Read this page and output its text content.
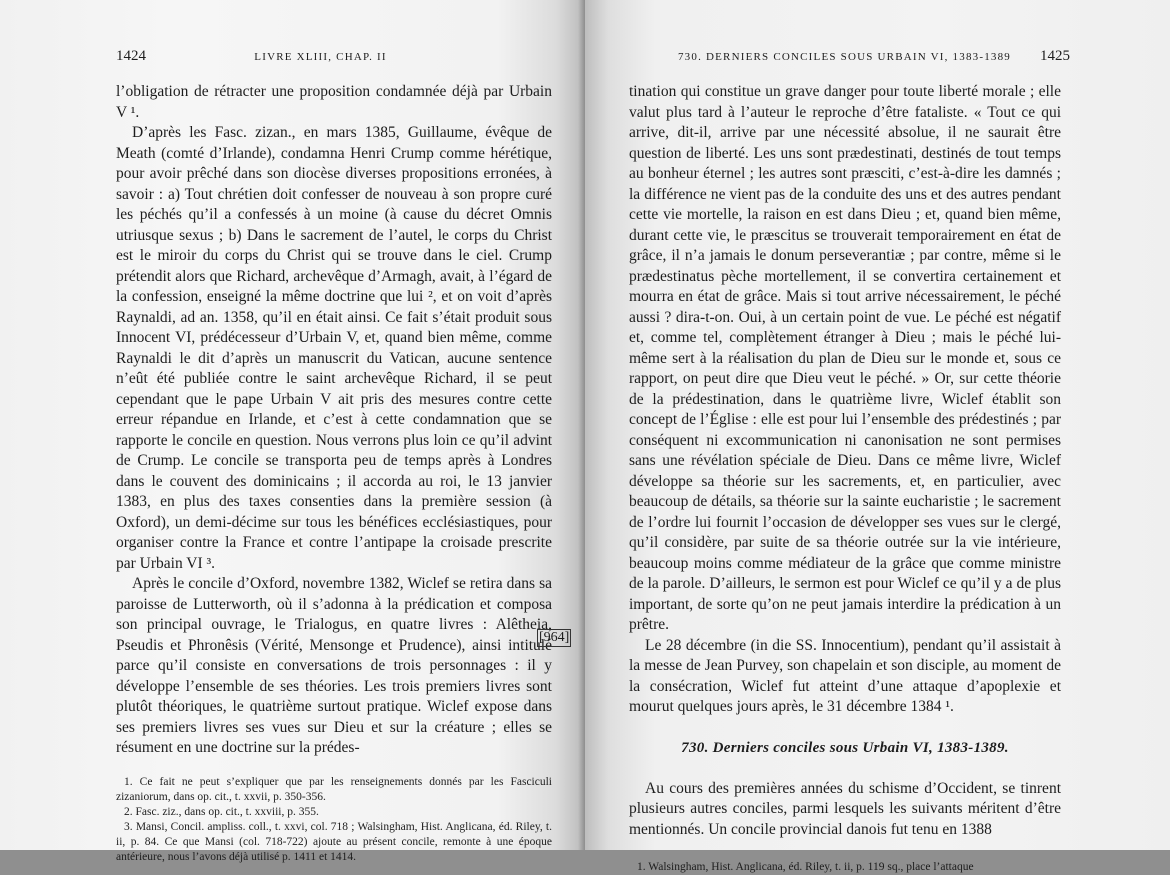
1424	LIVRE XLIII, CHAP. II

l’obligation de rétracter une proposition condamnée déjà par Urbain V ¹.

D’après les Fasc. zizan., en mars 1385, Guillaume, évêque de Meath (comté d’Irlande), condamna Henri Crump comme hérétique, pour avoir prêché dans son diocèse diverses propositions erronées, à savoir : a) Tout chrétien doit confesser de nouveau à son propre curé les péchés qu’il a confessés à un moine (à cause du décret Omnis utriusque sexus ; b) Dans le sacrement de l’autel, le corps du Christ est le miroir du corps du Christ qui se trouve dans le ciel. Crump prétendit alors que Richard, archevêque d’Armagh, avait, à l’égard de la confession, enseigné la même doctrine que lui ², et on voit d’après Raynaldi, ad an. 1358, qu’il en était ainsi. Ce fait s’était produit sous Innocent VI, prédécesseur d’Urbain V, et, quand bien même, comme Raynaldi le dit d’après un manuscrit du Vatican, aucune sentence n’eût été publiée contre le saint archevêque Richard, il se peut cependant que le pape Urbain V ait pris des mesures contre cette erreur répandue en Irlande, et c’est à cette condamnation que se rapporte le concile en question. Nous verrons plus loin ce qu’il advint de Crump. Le concile se transporta peu de temps après à Londres dans le couvent des dominicains ; il accorda au roi, le 13 janvier 1383, en plus des taxes consenties dans la première session (à Oxford), un demi-décime sur tous les bénéfices ecclésiastiques, pour organiser contre la France et contre l’antipape la croisade prescrite par Urbain VI ³.

Après le concile d’Oxford, novembre 1382, Wiclef se retira dans sa paroisse de Lutterworth, où il s’adonna à la prédication et composa son principal ouvrage, le Trialogus, en quatre livres : Alêtheia, Pseudis et Phronêsis (Vérité, Mensonge et Prudence), ainsi intitulé parce qu’il consiste en conversations de trois personnages : il y développe l’ensemble de ses théories. Les trois premiers livres sont plutôt théoriques, le quatrième surtout pratique. Wiclef expose dans ses premiers livres ses vues sur Dieu et sur la créature ; elles se résument en une doctrine sur la prédes-

1. Ce fait ne peut s’expliquer que par les renseignements donnés par les Fasciculi zizaniorum, dans op. cit., t. xxvii, p. 350-356.

2. Fasc. ziz., dans op. cit., t. xxviii, p. 355.

3. Mansi, Concil. ampliss. coll., t. xxvi, col. 718 ; Walsingham, Hist. Anglicana, éd. Riley, t. ii, p. 84. Ce que Mansi (col. 718-722) ajoute au présent concile, remonte à une époque antérieure, nous l’avons déjà utilisé p. 1411 et 1414.

[964]
730. DERNIERS CONCILES SOUS URBAIN VI, 1383-1389 1425

tination qui constitue un grave danger pour toute liberté morale ; elle valut plus tard à l’auteur le reproche d’être fataliste. « Tout ce qui arrive, dit-il, arrive par une nécessité absolue, il ne saurait être question de liberté. Les uns sont prædestinati, destinés de tout temps au bonheur éternel ; les autres sont præsciti, c’est-à-dire les damnés ; la différence ne vient pas de la conduite des uns et des autres pendant cette vie mortelle, la raison en est dans Dieu ; et, quand bien même, durant cette vie, le præscitus se trouverait temporairement en état de grâce, il n’a jamais le donum perseverantiæ ; par contre, même si le prædestinatus pèche mortellement, il se convertira certainement et mourra en état de grâce. Mais si tout arrive nécessairement, le péché aussi ? dira-t-on. Oui, à un certain point de vue. Le péché est négatif et, comme tel, complètement étranger à Dieu ; mais le péché lui-même sert à la réalisation du plan de Dieu sur le monde et, sous ce rapport, on peut dire que Dieu veut le péché. » Or, sur cette théorie de la prédestination, dans le quatrième livre, Wiclef établit son concept de l’Église : elle est pour lui l’ensemble des prédestinés ; par conséquent ni excommunication ni canonisation ne sont permises sans une révélation spéciale de Dieu. Dans ce même livre, Wiclef développe sa théorie sur les sacrements, et, en particulier, avec beaucoup de détails, sa théorie sur la sainte eucharistie ; le sacrement de l’ordre lui fournit l’occasion de développer ses vues sur le clergé, qu’il considère, par suite de sa théorie outrée sur la vie intérieure, beaucoup moins comme médiateur de la grâce que comme ministre de la parole. D’ailleurs, le sermon est pour Wiclef ce qu’il y a de plus important, de sorte qu’on ne peut jamais interdire la prédication à un prêtre.

Le 28 décembre (in die SS. Innocentium), pendant qu’il assistait à la messe de Jean Purvey, son chapelain et son disciple, au moment de la consécration, Wiclef fut atteint d’une attaque d’apoplexie et mourut quelques jours après, le 31 décembre 1384 ¹.

730. Derniers conciles sous Urbain VI, 1383-1389.

Au cours des premières années du schisme d’Occident, se tinrent plusieurs autres conciles, parmi lesquels les suivants méritent d’être mentionnés. Un concile provincial danois fut tenu en 1388

1. Walsingham, Hist. Anglicana, éd. Riley, t. ii, p. 119 sq., place l’attaque
